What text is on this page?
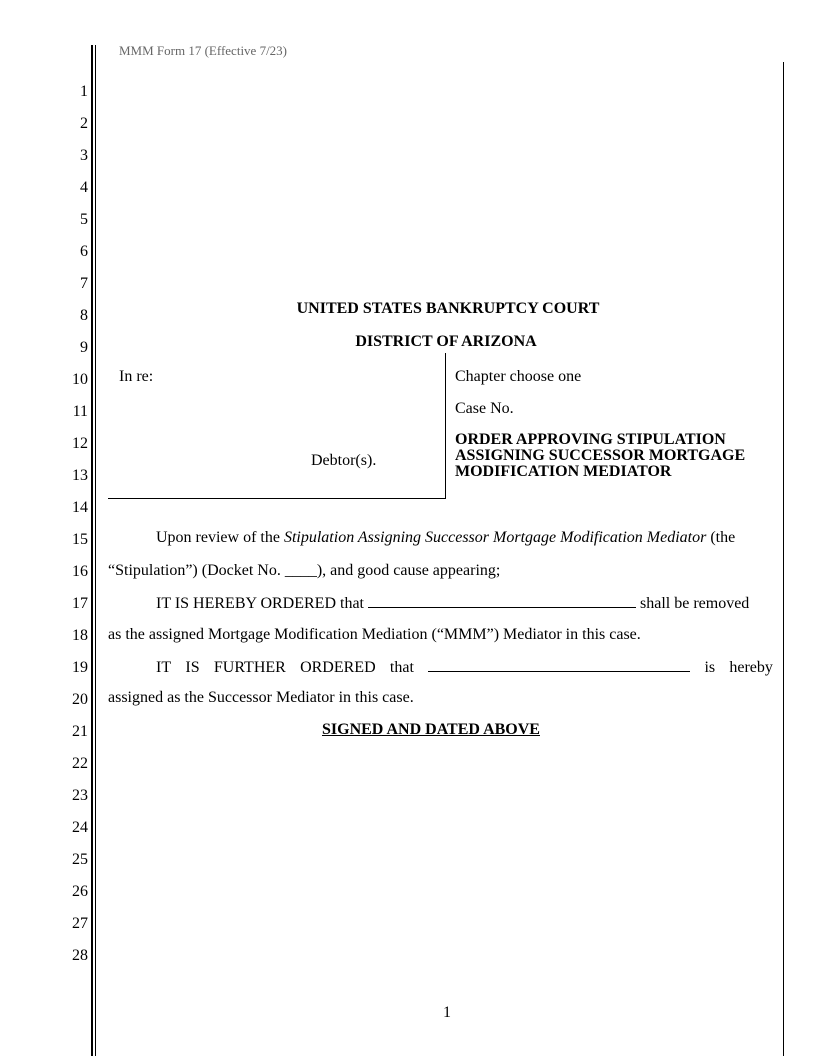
MMM Form 17 (Effective 7/23)
1
2
3
4
5
6
7
8
9
10
11
12
13
14
15
16
17
18
19
20
21
22
23
24
25
26
27
28
UNITED STATES BANKRUPTCY COURT
DISTRICT OF ARIZONA
In re:
Debtor(s).
Chapter choose one
Case No.
ORDER APPROVING STIPULATION
ASSIGNING SUCCESSOR MORTGAGE
MODIFICATION MEDIATOR
Upon review of the Stipulation Assigning Successor Mortgage Modification Mediator (the
“Stipulation”) (Docket No. ____), and good cause appearing;
IT IS HEREBY ORDERED that	shall be removed
as the assigned Mortgage Modification Mediation (“MMM”) Mediator in this case.
IT IS FURTHER ORDERED that	is hereby
assigned as the Successor Mediator in this case.
SIGNED AND DATED ABOVE
1
